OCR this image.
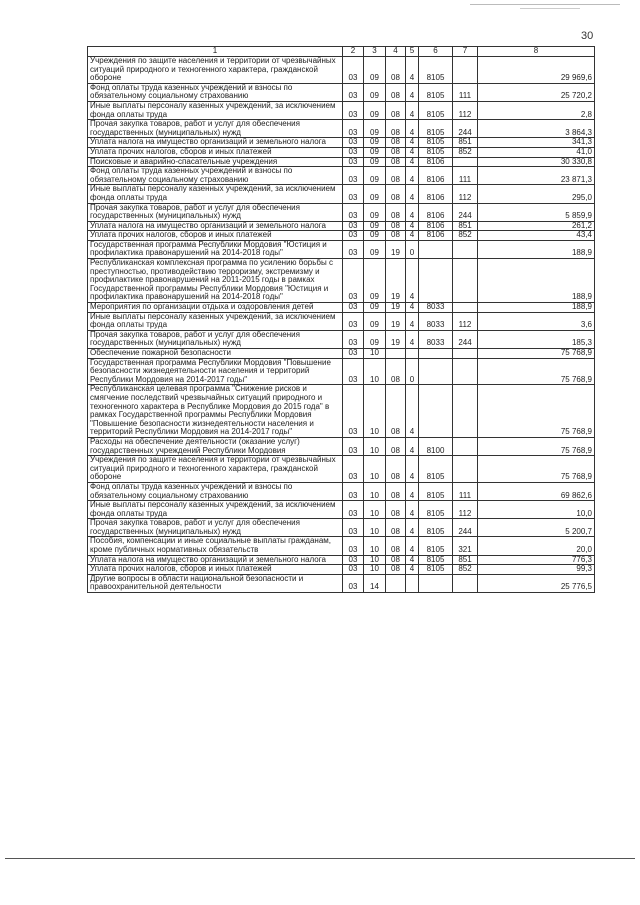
30
1	2	3	4	5	6	7	8
Учреждения по защите населения и территории от чрезвычайных ситуаций природного и техногенного характера, гражданской обороне	03	09	08	4	8105		29 969,6
Фонд оплаты труда казенных учреждений и взносы по обязательному социальному страхованию	03	09	08	4	8105	111	25 720,2
Иные выплаты персоналу казенных учреждений, за исключением фонда оплаты труда	03	09	08	4	8105	112	2,8
Прочая закупка товаров, работ и услуг для обеспечения государственных (муниципальных) нужд	03	09	08	4	8105	244	3 864,3
Уплата налога на имущество организаций и земельного налога	03	09	08	4	8105	851	341,3
Уплата прочих налогов, сборов и иных платежей	03	09	08	4	8105	852	41,0
Поисковые и аварийно-спасательные учреждения	03	09	08	4	8106		30 330,8
Фонд оплаты труда казенных учреждений и взносы по обязательному социальному страхованию	03	09	08	4	8106	111	23 871,3
Иные выплаты персоналу казенных учреждений, за исключением фонда оплаты труда	03	09	08	4	8106	112	295,0
Прочая закупка товаров, работ и услуг для обеспечения государственных (муниципальных) нужд	03	09	08	4	8106	244	5 859,9
Уплата налога на имущество организаций и земельного налога	03	09	08	4	8106	851	261,2
Уплата прочих налогов, сборов и иных платежей	03	09	08	4	8106	852	43,4
Государственная программа Республики Мордовия "Юстиция и профилактика правонарушений на 2014-2018 годы"	03	09	19	0			188,9
Республиканская комплексная программа по усилению борьбы с преступностью, противодействию терроризму, экстремизму и профилактике правонарушений на 2011-2015 годы в рамках Государственной программы Республики Мордовия "Юстиция и профилактика правонарушений на 2014-2018 годы"	03	09	19	4			188,9
Мероприятия по организации отдыха и оздоровления детей	03	09	19	4	8033		188,9
Иные выплаты персоналу казенных учреждений, за исключением фонда оплаты труда	03	09	19	4	8033	112	3,6
Прочая закупка товаров, работ и услуг для обеспечения государственных (муниципальных) нужд	03	09	19	4	8033	244	185,3
Обеспечение пожарной безопасности	03	10					75 768,9
Государственная программа Республики Мордовия "Повышение безопасности жизнедеятельности населения и территорий Республики Мордовия на 2014-2017 годы"	03	10	08	0			75 768,9
Республиканская целевая программа "Снижение рисков и смягчение последствий чрезвычайных ситуаций природного и техногенного характера в Республике Мордовия до 2015 года" в рамках Государственной программы Республики Мордовия "Повышение безопасности жизнедеятельности населения и территорий Республики Мордовия на 2014-2017 годы"	03	10	08	4			75 768,9
Расходы на обеспечение деятельности (оказание услуг) государственных учреждений Республики Мордовия	03	10	08	4	8100		75 768,9
Учреждения по защите населения и территории от чрезвычайных ситуаций природного и техногенного характера, гражданской обороне	03	10	08	4	8105		75 768,9
Фонд оплаты труда казенных учреждений и взносы по обязательному социальному страхованию	03	10	08	4	8105	111	69 862,6
Иные выплаты персоналу казенных учреждений, за исключением фонда оплаты труда	03	10	08	4	8105	112	10,0
Прочая закупка товаров, работ и услуг для обеспечения государственных (муниципальных) нужд	03	10	08	4	8105	244	5 200,7
Пособия, компенсации и иные социальные выплаты гражданам, кроме публичных нормативных обязательств	03	10	08	4	8105	321	20,0
Уплата налога на имущество организаций и земельного налога	03	10	08	4	8105	851	776,3
Уплата прочих налогов, сборов и иных платежей	03	10	08	4	8105	852	99,3
Другие вопросы в области национальной безопасности и правоохранительной деятельности	03	14					25 776,5
